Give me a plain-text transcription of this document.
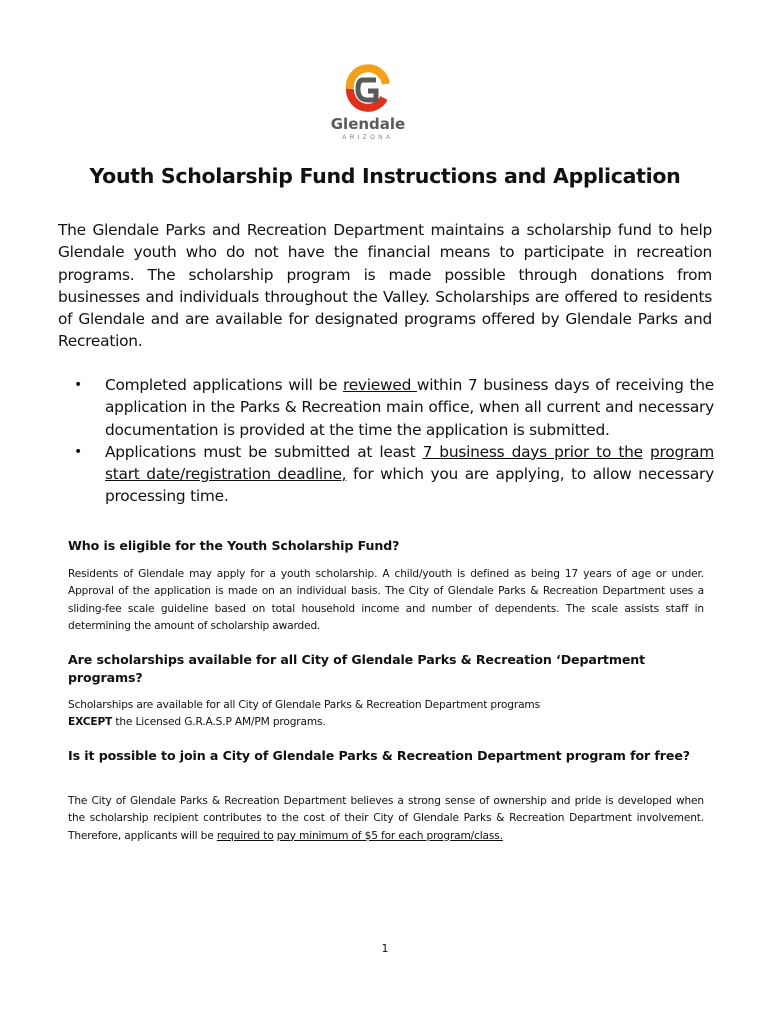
Glendale
ARIZONA
Youth Scholarship Fund Instructions and Application
The Glendale Parks and Recreation Department maintains a scholarship fund to help Glendale youth who do not have the financial means to participate in recreation programs. The scholarship program is made possible through donations from businesses and individuals throughout the Valley. Scholarships are offered to residents of Glendale and are available for designated programs offered by Glendale Parks and Recreation.
• Completed applications will be reviewed within 7 business days of receiving the application in the Parks & Recreation main office, when all current and necessary documentation is provided at the time the application is submitted.
• Applications must be submitted at least 7 business days prior to the program start date/registration deadline, for which you are applying, to allow necessary processing time.
Who is eligible for the Youth Scholarship Fund?
Residents of Glendale may apply for a youth scholarship. A child/youth is defined as being 17 years of age or under. Approval of the application is made on an individual basis. The City of Glendale Parks & Recreation Department uses a sliding-fee scale guideline based on total household income and number of dependents. The scale assists staff in determining the amount of scholarship awarded.
Are scholarships available for all City of Glendale Parks & Recreation ‘Department programs?
Scholarships are available for all City of Glendale Parks & Recreation Department programs
EXCEPT the Licensed G.R.A.S.P AM/PM programs.
Is it possible to join a City of Glendale Parks & Recreation Department program for free?
The City of Glendale Parks & Recreation Department believes a strong sense of ownership and pride is developed when the scholarship recipient contributes to the cost of their City of Glendale Parks & Recreation Department involvement. Therefore, applicants will be required to pay minimum of $5 for each program/class.
1
